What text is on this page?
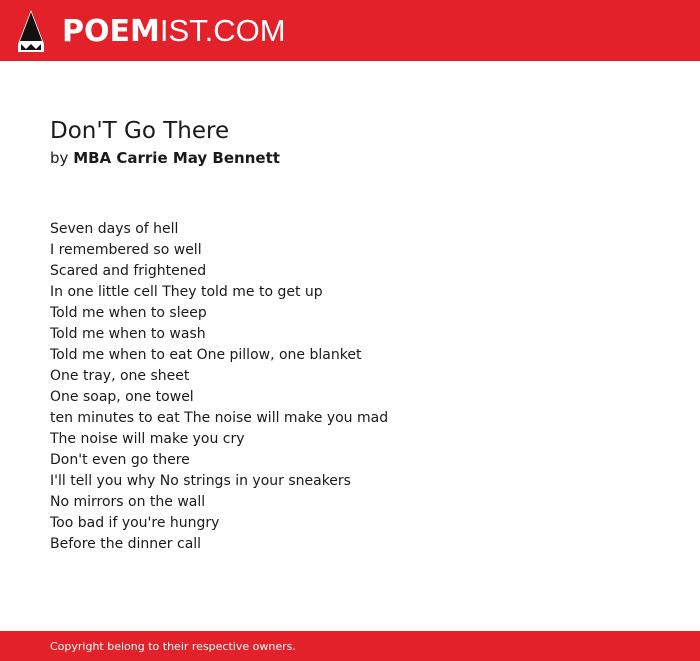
POEMIST.COM
Don'T Go There
by MBA Carrie May Bennett
Seven days of hell
I remembered so well
Scared and frightened
In one little cell They told me to get up
Told me when to sleep
Told me when to wash
Told me when to eat One pillow, one blanket
One tray, one sheet
One soap, one towel
ten minutes to eat The noise will make you mad
The noise will make you cry
Don't even go there
I'll tell you why No strings in your sneakers
No mirrors on the wall
Too bad if you're hungry
Before the dinner call
Copyright belong to their respective owners.
